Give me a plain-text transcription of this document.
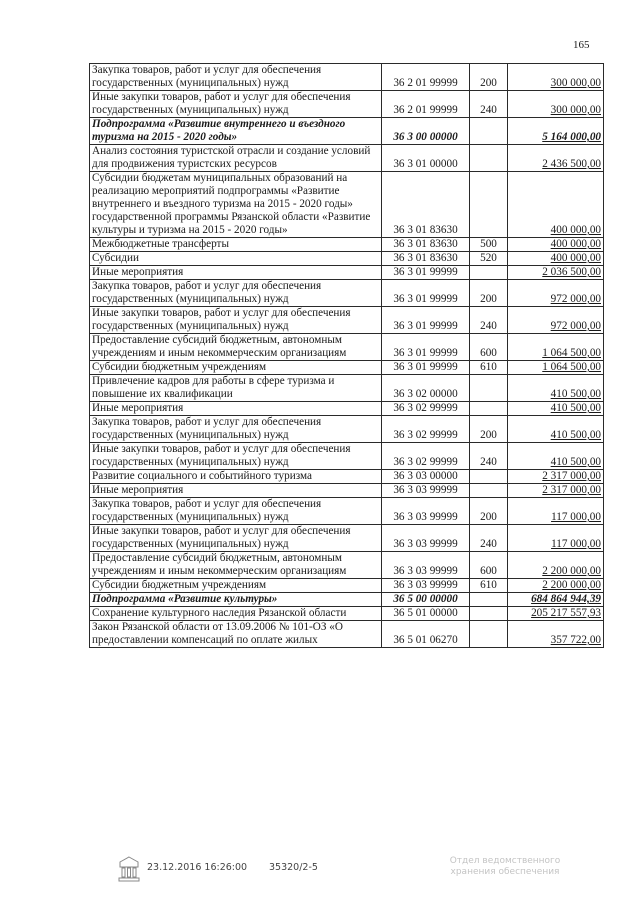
165
Закупка товаров, работ и услуг для обеспечения государственных (муниципальных) нужд	36 2 01 99999	200	300 000,00
Иные закупки товаров, работ и услуг для обеспечения государственных (муниципальных) нужд	36 2 01 99999	240	300 000,00
Подпрограмма «Развитие внутреннего и въездного туризма на 2015 - 2020 годы»	36 3 00 00000		5 164 000,00
Анализ состояния туристской отрасли и создание условий для продвижения туристских ресурсов	36 3 01 00000		2 436 500,00
Субсидии бюджетам муниципальных образований на реализацию мероприятий подпрограммы «Развитие внутреннего и въездного туризма на 2015 - 2020 годы» государственной программы Рязанской области «Развитие культуры и туризма на 2015 - 2020 годы»	36 3 01 83630		400 000,00
Межбюджетные трансферты	36 3 01 83630	500	400 000,00
Субсидии	36 3 01 83630	520	400 000,00
Иные мероприятия	36 3 01 99999		2 036 500,00
Закупка товаров, работ и услуг для обеспечения государственных (муниципальных) нужд	36 3 01 99999	200	972 000,00
Иные закупки товаров, работ и услуг для обеспечения государственных (муниципальных) нужд	36 3 01 99999	240	972 000,00
Предоставление субсидий бюджетным, автономным учреждениям и иным некоммерческим организациям	36 3 01 99999	600	1 064 500,00
Субсидии бюджетным учреждениям	36 3 01 99999	610	1 064 500,00
Привлечение кадров для работы в сфере туризма и повышение их квалификации	36 3 02 00000		410 500,00
Иные мероприятия	36 3 02 99999		410 500,00
Закупка товаров, работ и услуг для обеспечения государственных (муниципальных) нужд	36 3 02 99999	200	410 500,00
Иные закупки товаров, работ и услуг для обеспечения государственных (муниципальных) нужд	36 3 02 99999	240	410 500,00
Развитие социального и событийного туризма	36 3 03 00000		2 317 000,00
Иные мероприятия	36 3 03 99999		2 317 000,00
Закупка товаров, работ и услуг для обеспечения государственных (муниципальных) нужд	36 3 03 99999	200	117 000,00
Иные закупки товаров, работ и услуг для обеспечения государственных (муниципальных) нужд	36 3 03 99999	240	117 000,00
Предоставление субсидий бюджетным, автономным учреждениям и иным некоммерческим организациям	36 3 03 99999	600	2 200 000,00
Субсидии бюджетным учреждениям	36 3 03 99999	610	2 200 000,00
Подпрограмма «Развитие культуры»	36 5 00 00000		684 864 944,39
Сохранение культурного наследия Рязанской области	36 5 01 00000		205 217 557,93
Закон Рязанской области от 13.09.2006 № 101-ОЗ «О предоставлении компенсаций по оплате жилых	36 5 01 06270		357 722,00
23.12.2016 16:26:00 35320/2-5
Отдел ведомственного хранения обеспечения
